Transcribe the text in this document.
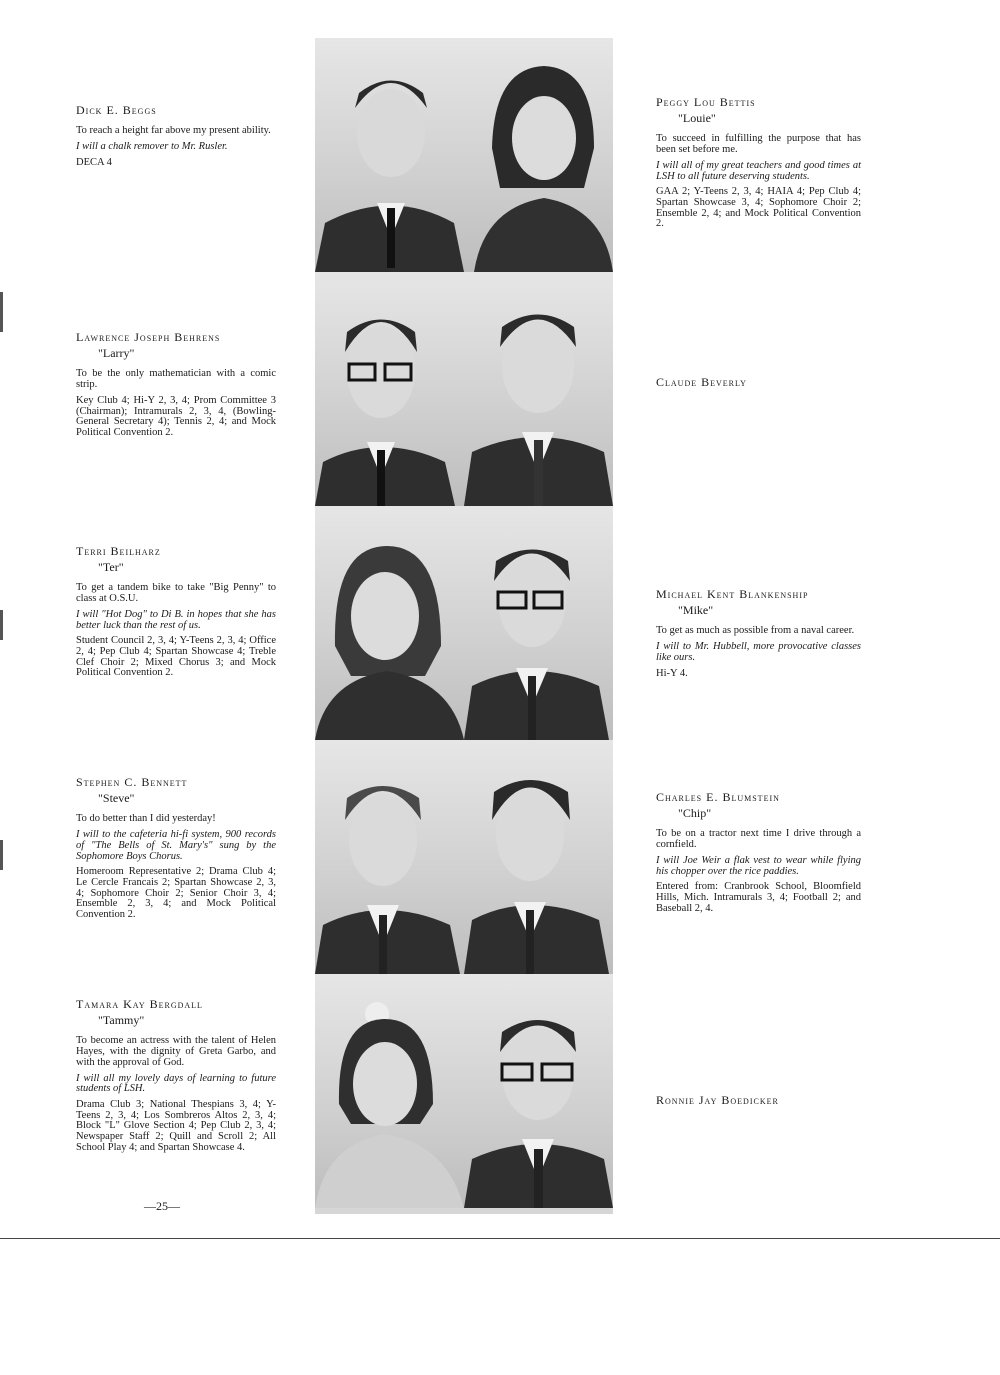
Dick E. Beggs

To reach a height far above my present ability.

I will a chalk remover to Mr. Rusler.

DECA 4

Lawrence Joseph Behrens

"Larry"

To be the only mathematician with a comic strip.

Key Club 4; Hi-Y 2, 3, 4; Prom Committee 3 (Chairman); Intramurals 2, 3, 4, (Bowling-General Secretary 4); Tennis 2, 4; and Mock Political Convention 2.

Terri Beilharz

"Ter"

To get a tandem bike to take "Big Penny" to class at O.S.U.

I will "Hot Dog" to Di B. in hopes that she has better luck than the rest of us.

Student Council 2, 3, 4; Y-Teens 2, 3, 4; Office 2, 4; Pep Club 4; Spartan Showcase 4; Treble Clef Choir 2; Mixed Chorus 3; and Mock Political Convention 2.

Stephen C. Bennett

"Steve"

To do better than I did yesterday!

I will to the cafeteria hi-fi system, 900 records of "The Bells of St. Mary's" sung by the Sophomore Boys Chorus.

Homeroom Representative 2; Drama Club 4; Le Cercle Francais 2; Spartan Showcase 2, 3, 4; Sophomore Choir 2; Senior Choir 3, 4; Ensemble 2, 3, 4; and Mock Political Convention 2.

Tamara Kay Bergdall

"Tammy"

To become an actress with the talent of Helen Hayes, with the dignity of Greta Garbo, and with the approval of God.

I will all my lovely days of learning to future students of LSH.

Drama Club 3; National Thespians 3, 4; Y-Teens 2, 3, 4; Los Sombreros Altos 2, 3, 4; Block "L" Glove Section 4; Pep Club 2, 3, 4; Newspaper Staff 2; Quill and Scroll 2; All School Play 4; and Spartan Showcase 4.

Peggy Lou Bettis

"Louie"

To succeed in fulfilling the purpose that has been set before me.

I will all of my great teachers and good times at LSH to all future deserving students.

GAA 2; Y-Teens 2, 3, 4; HAIA 4; Pep Club 4; Spartan Showcase 3, 4; Sophomore Choir 2; Ensemble 2, 4; and Mock Political Convention 2.

Claude Beverly

Michael Kent Blankenship

"Mike"

To get as much as possible from a naval career.

I will to Mr. Hubbell, more provocative classes like ours.

Hi-Y 4.

Charles E. Blumstein

"Chip"

To be on a tractor next time I drive through a cornfield.

I will Joe Weir a flak vest to wear while flying his chopper over the rice paddies.

Entered from: Cranbrook School, Bloomfield Hills, Mich. Intramurals 3, 4; Football 2; and Baseball 2, 4.

Ronnie Jay Boedicker

—25—
